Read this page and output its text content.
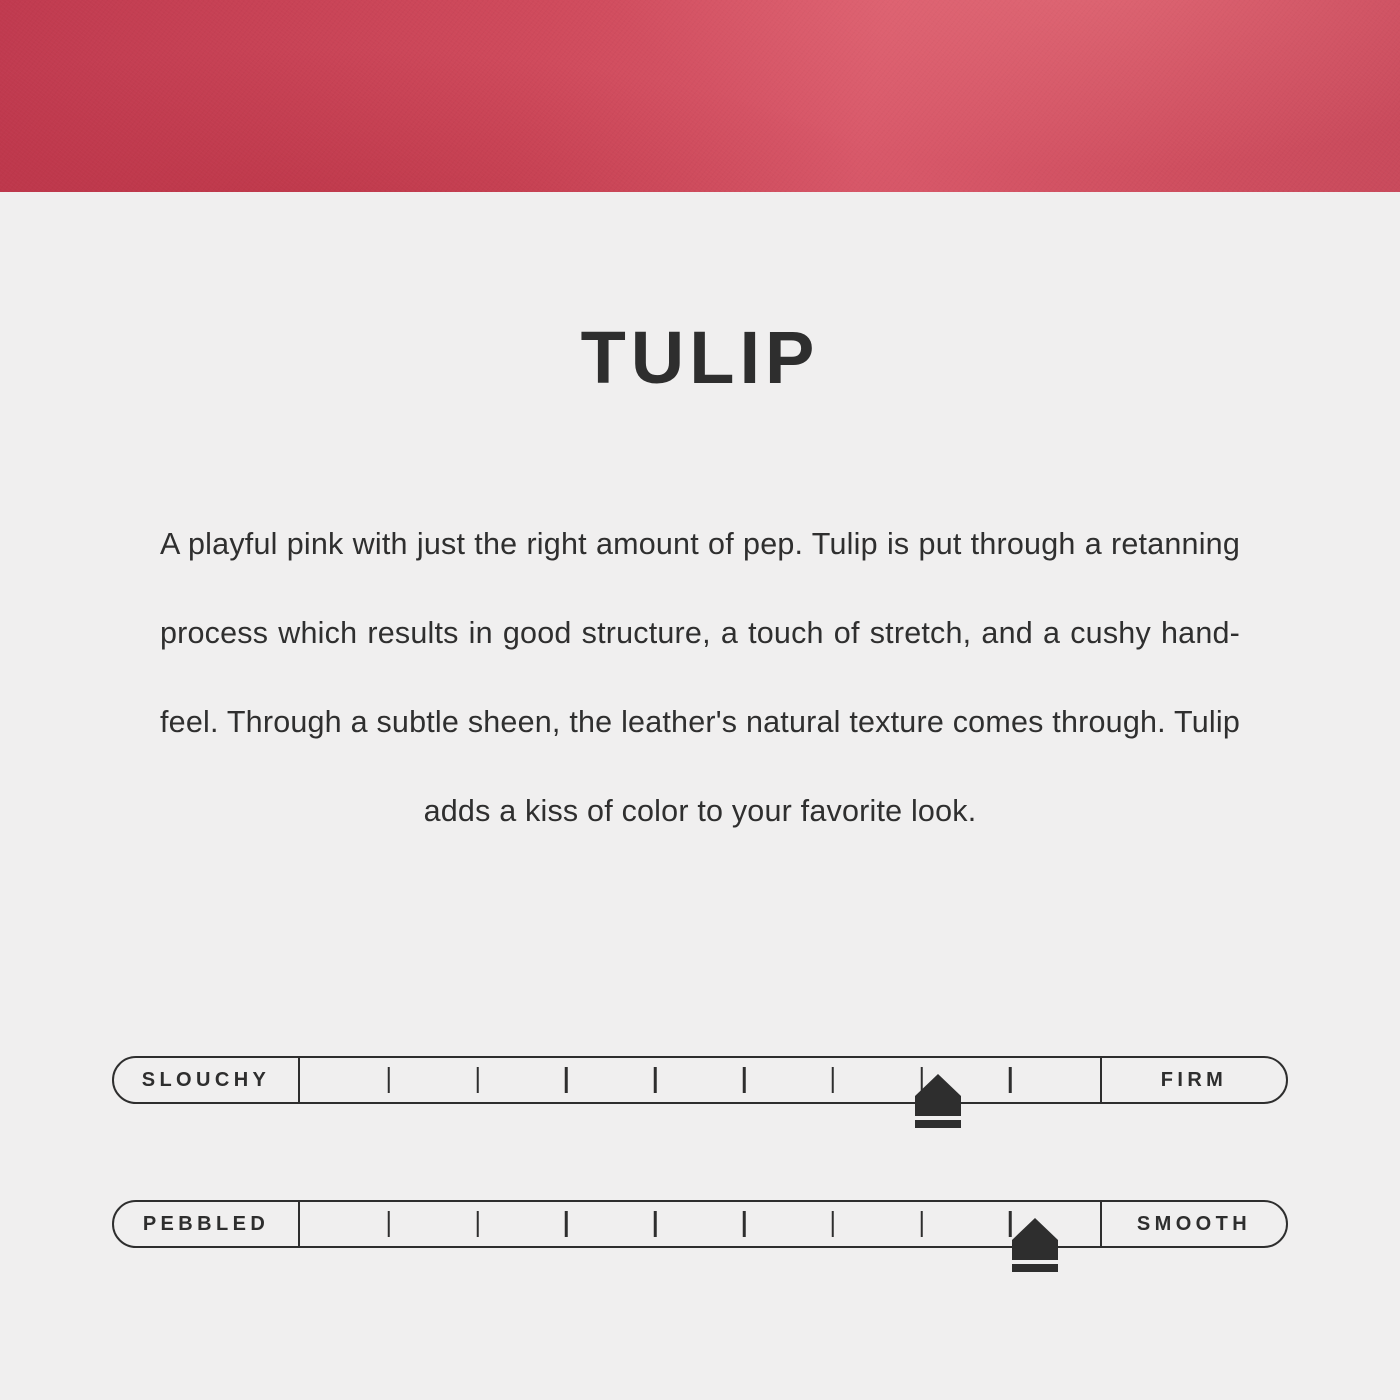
TULIP
A playful pink with just the right amount of pep. Tulip is put through a retanning process which results in good structure, a touch of stretch, and a cushy hand-feel. Through a subtle sheen, the leather's natural texture comes through. Tulip adds a kiss of color to your favorite look.
SLOUCHY	FIRM
PEBBLED	SMOOTH
